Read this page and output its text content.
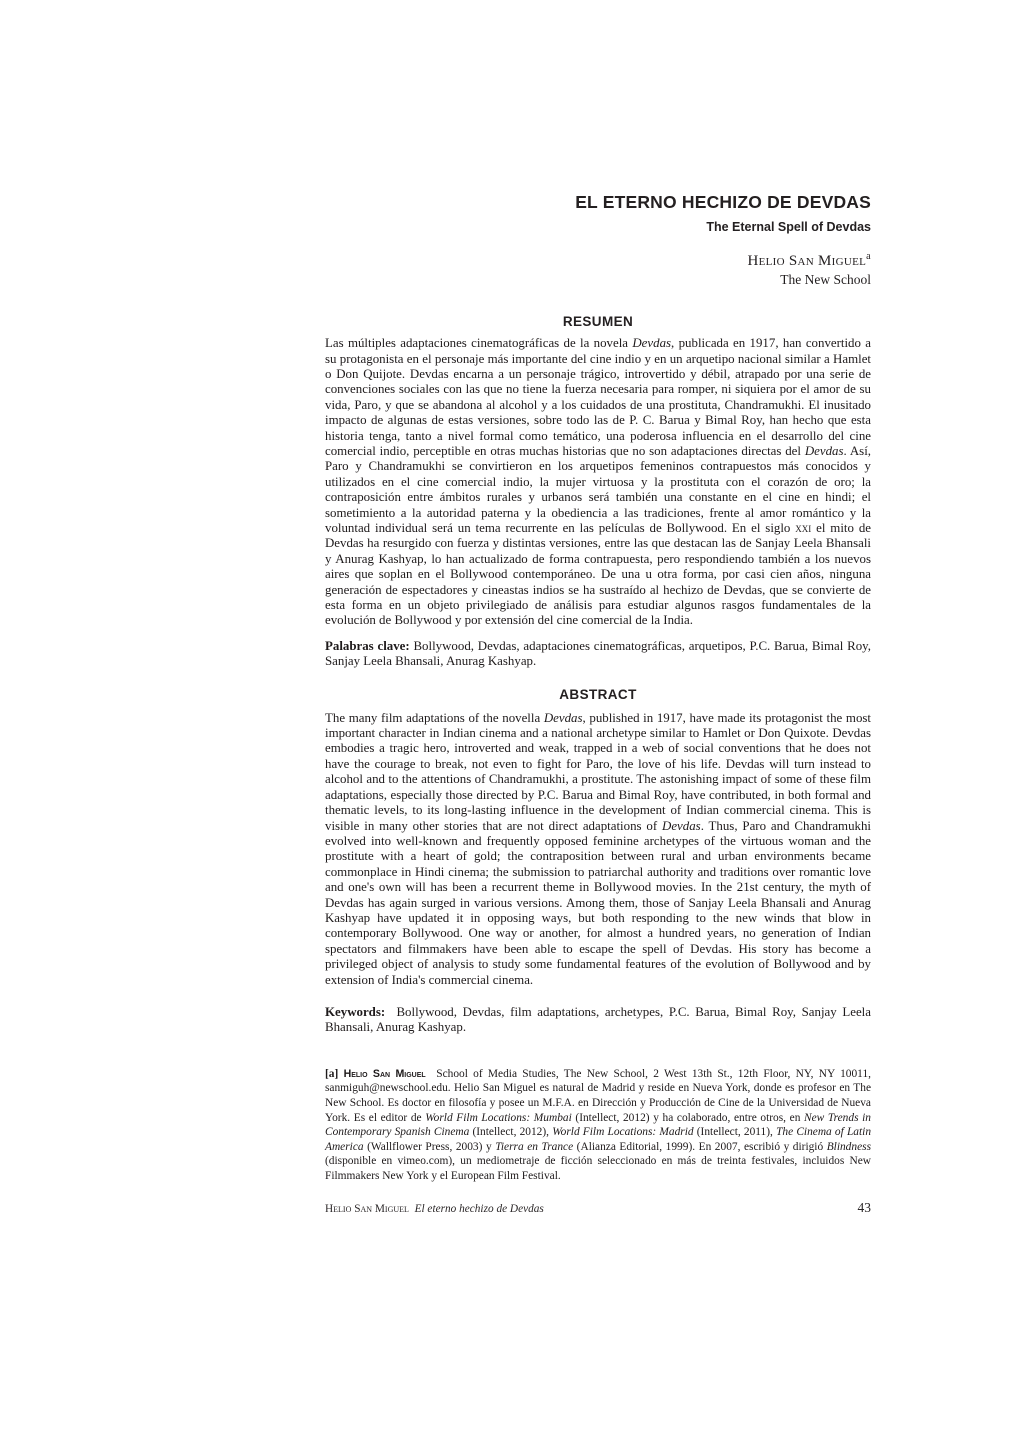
EL ETERNO HECHIZO DE DEVDAS
The Eternal Spell of Devdas
Helio San Miguel$^a$
The New School
RESUMEN

Las múltiples adaptaciones cinematográficas de la novela Devdas, publicada en 1917, han convertido a su protagonista en el personaje más importante del cine indio y en un arquetipo nacional similar a Hamlet o Don Quijote. Devdas encarna a un personaje trágico, introvertido y débil, atrapado por una serie de convenciones sociales con las que no tiene la fuerza necesaria para romper, ni siquiera por el amor de su vida, Paro, y que se abandona al alcohol y a los cuidados de una prostituta, Chandramukhi. El inusitado impacto de algunas de estas versiones, sobre todo las de P. C. Barua y Bimal Roy, han hecho que esta historia tenga, tanto a nivel formal como temático, una poderosa influencia en el desarrollo del cine comercial indio, perceptible en otras muchas historias que no son adaptaciones directas del Devdas. Así, Paro y Chandramukhi se convirtieron en los arquetipos femeninos contrapuestos más conocidos y utilizados en el cine comercial indio, la mujer virtuosa y la prostituta con el corazón de oro; la contraposición entre ámbitos rurales y urbanos será también una constante en el cine en hindi; el sometimiento a la autoridad paterna y la obediencia a las tradiciones, frente al amor romántico y la voluntad individual será un tema recurrente en las películas de Bollywood. En el siglo xxi el mito de Devdas ha resurgido con fuerza y distintas versiones, entre las que destacan las de Sanjay Leela Bhansali y Anurag Kashyap, lo han actualizado de forma contrapuesta, pero respondiendo también a los nuevos aires que soplan en el Bollywood contemporáneo. De una u otra forma, por casi cien años, ninguna generación de espectadores y cineastas indios se ha sustraído al hechizo de Devdas, que se convierte de esta forma en un objeto privilegiado de análisis para estudiar algunos rasgos fundamentales de la evolución de Bollywood y por extensión del cine comercial de la India.

Palabras clave: Bollywood, Devdas, adaptaciones cinematográficas, arquetipos, P.C. Barua, Bimal Roy, Sanjay Leela Bhansali, Anurag Kashyap.

ABSTRACT

The many film adaptations of the novella Devdas, published in 1917, have made its protagonist the most important character in Indian cinema and a national archetype similar to Hamlet or Don Quixote. Devdas embodies a tragic hero, introverted and weak, trapped in a web of social conventions that he does not have the courage to break, not even to fight for Paro, the love of his life. Devdas will turn instead to alcohol and to the attentions of Chandramukhi, a prostitute. The astonishing impact of some of these film adaptations, especially those directed by P.C. Barua and Bimal Roy, have contributed, in both formal and thematic levels, to its long-lasting influence in the development of Indian commercial cinema. This is visible in many other stories that are not direct adaptations of Devdas. Thus, Paro and Chandramukhi evolved into well-known and frequently opposed feminine archetypes of the virtuous woman and the prostitute with a heart of gold; the contraposition between rural and urban environments became commonplace in Hindi cinema; the submission to patriarchal authority and traditions over romantic love and one's own will has been a recurrent theme in Bollywood movies. In the 21st century, the myth of Devdas has again surged in various versions. Among them, those of Sanjay Leela Bhansali and Anurag Kashyap have updated it in opposing ways, but both responding to the new winds that blow in contemporary Bollywood. One way or another, for almost a hundred years, no generation of Indian spectators and filmmakers have been able to escape the spell of Devdas. His story has become a privileged object of analysis to study some fundamental features of the evolution of Bollywood and by extension of India's commercial cinema.

Keywords:  Bollywood, Devdas, film adaptations, archetypes, P.C. Barua, Bimal Roy, Sanjay Leela Bhansali, Anurag Kashyap.

[a] Helio San Miguel  School of Media Studies, The New School, 2 West 13th St., 12th Floor, NY, NY 10011, sanmiguh@newschool.edu. Helio San Miguel es natural de Madrid y reside en Nueva York, donde es profesor en The New School. Es doctor en filosofía y posee un M.F.A. en Dirección y Producción de Cine de la Universidad de Nueva York. Es el editor de World Film Locations: Mumbai (Intellect, 2012) y ha colaborado, entre otros, en New Trends in Contemporary Spanish Cinema (Intellect, 2012), World Film Locations: Madrid (Intellect, 2011), The Cinema of Latin America (Wallflower Press, 2003) y Tierra en Trance (Alianza Editorial, 1999). En 2007, escribió y dirigió Blindness (disponible en vimeo.com), un mediometraje de ficción seleccionado en más de treinta festivales, incluidos New Filmmakers New York y el European Film Festival.

Helio San Miguel El eterno hechizo de Devdas	43
